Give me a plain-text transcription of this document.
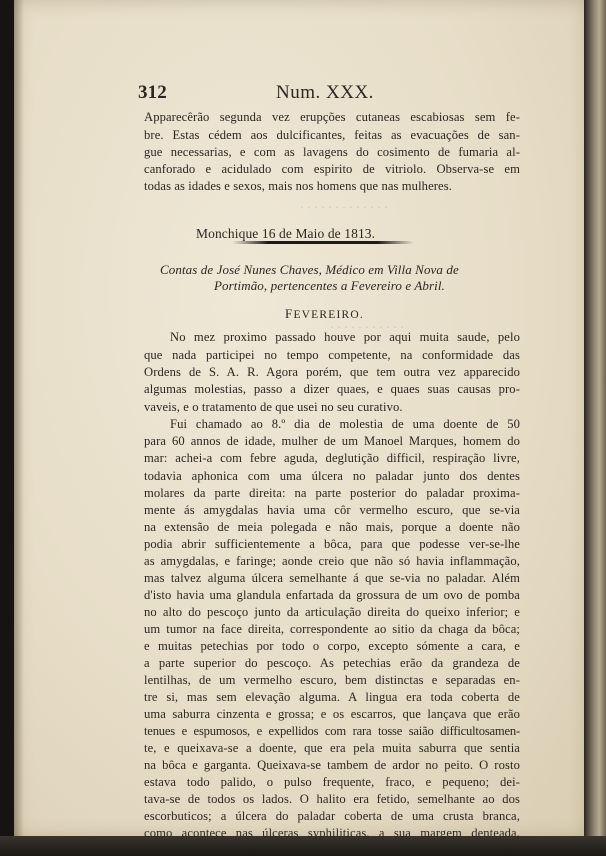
· · · · · · · · · · · · ·
· · · · · · · · · · ·
312	Num. XXX.
Apparecêrão segunda vez erupções cutaneas escabiosas sem fe-
bre. Estas cédem aos dulcificantes, feitas as evacuações de san-
gue necessarias, e com as lavagens do cosimento de fumaria al-
canforado e acidulado com espirito de vitriolo. Observa-se em
todas as idades e sexos, mais nos homens que nas mulheres.
Monchique 16 de Maio de 1813.
Contas de José Nunes Chaves, Médico em Villa Nova de
Portimão, pertencentes a Fevereiro e Abril.
FEVEREIRO.
No mez proximo passado houve por aqui muita saude, pelo
que nada participei no tempo competente, na conformidade das
Ordens de S. A. R. Agora porém, que tem outra vez apparecido
algumas molestias, passo a dizer quaes, e quaes suas causas pro-
vaveis, e o tratamento de que usei no seu curativo.
Fui chamado ao 8.º dia de molestia de uma doente de 50
para 60 annos de idade, mulher de um Manoel Marques, homem do
mar: achei-a com febre aguda, deglutição difficil, respiração livre,
todavia aphonica com uma úlcera no paladar junto dos dentes
molares da parte direita: na parte posterior do paladar proxima-
mente ás amygdalas havia uma côr vermelho escuro, que se-via
na extensão de meia polegada e não mais, porque a doente não
podia abrir sufficientemente a bôca, para que podesse ver-se-lhe
as amygdalas, e faringe; aonde creio que não só havia inflammação,
mas talvez alguma úlcera semelhante á que se-via no paladar. Além
d'isto havia uma glandula enfartada da grossura de um ovo de pomba
no alto do pescoço junto da articulação direita do queixo inferior; e
um tumor na face direita, correspondente ao sitio da chaga da bôca;
e muitas petechias por todo o corpo, excepto sómente a cara, e
a parte superior do pescoço. As petechias erão da grandeza de
lentilhas, de um vermelho escuro, bem distinctas e separadas en-
tre si, mas sem elevação alguma. A lingua era toda coberta de
uma saburra cinzenta e grossa; e os escarros, que lançava que erão
tenues e espumosos, e expellidos com rara tosse saião difficultosamen-
te, e queixava-se a doente, que era pela muita saburra que sentia
na bôca e garganta. Queixava-se tambem de ardor no peito. O rosto
estava todo palido, o pulso frequente, fraco, e pequeno; dei-
tava-se de todos os lados. O halito era fetido, semelhante ao dos
escorbuticos; a úlcera do paladar coberta de uma crusta branca,
como acontece nas úlceras syphiliticas, a sua margem denteada,
